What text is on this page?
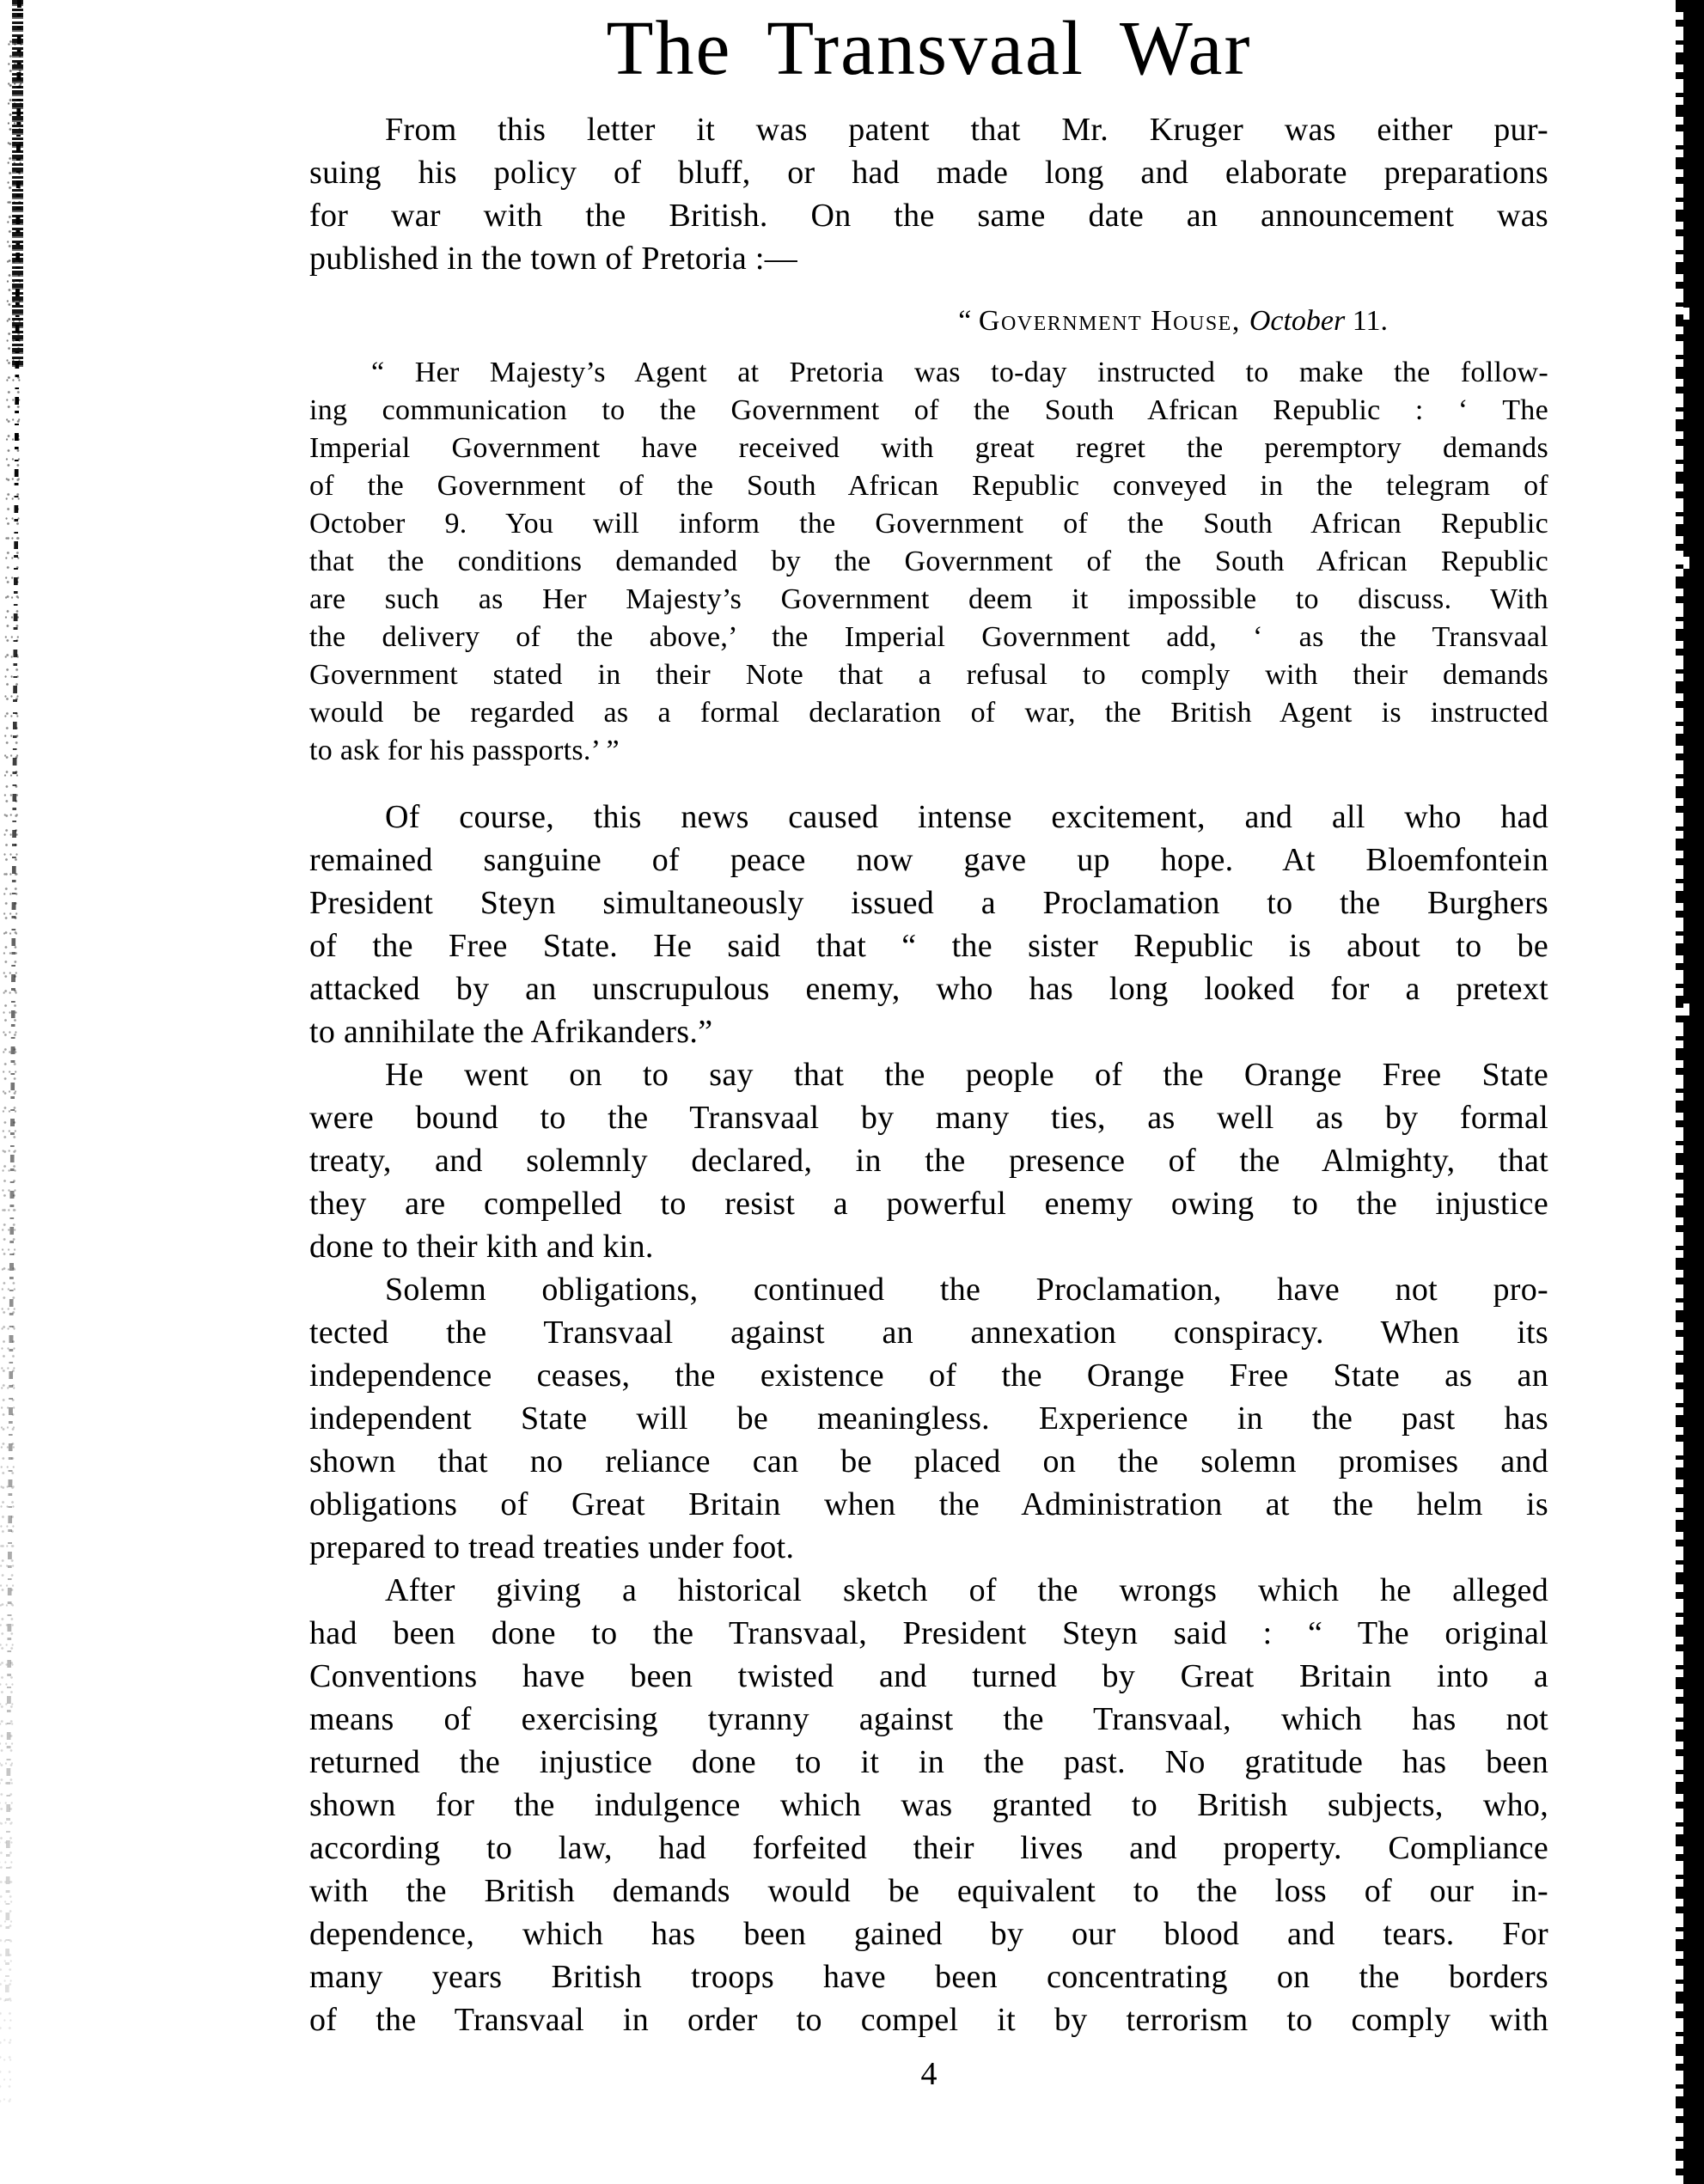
The Transvaal War
From this letter it was patent that Mr. Kruger was either pur-
suing his policy of bluff, or had made long and elaborate preparations
for war with the British. On the same date an announcement was
published in the town of Pretoria :—
“ Government House, October 11.
“ Her Majesty’s Agent at Pretoria was to-day instructed to make the follow-
ing communication to the Government of the South African Republic : ‘ The
Imperial Government have received with great regret the peremptory demands
of the Government of the South African Republic conveyed in the telegram of
October 9. You will inform the Government of the South African Republic
that the conditions demanded by the Government of the South African Republic
are such as Her Majesty’s Government deem it impossible to discuss. With
the delivery of the above,’ the Imperial Government add, ‘ as the Transvaal
Government stated in their Note that a refusal to comply with their demands
would be regarded as a formal declaration of war, the British Agent is instructed
to ask for his passports.’ ”
Of course, this news caused intense excitement, and all who had
remained sanguine of peace now gave up hope. At Bloemfontein
President Steyn simultaneously issued a Proclamation to the Burghers
of the Free State. He said that “ the sister Republic is about to be
attacked by an unscrupulous enemy, who has long looked for a pretext
to annihilate the Afrikanders.”
He went on to say that the people of the Orange Free State
were bound to the Transvaal by many ties, as well as by formal
treaty, and solemnly declared, in the presence of the Almighty, that
they are compelled to resist a powerful enemy owing to the injustice
done to their kith and kin.
Solemn obligations, continued the Proclamation, have not pro-
tected the Transvaal against an annexation conspiracy. When its
independence ceases, the existence of the Orange Free State as an
independent State will be meaningless. Experience in the past has
shown that no reliance can be placed on the solemn promises and
obligations of Great Britain when the Administration at the helm is
prepared to tread treaties under foot.
After giving a historical sketch of the wrongs which he alleged
had been done to the Transvaal, President Steyn said : “ The original
Conventions have been twisted and turned by Great Britain into a
means of exercising tyranny against the Transvaal, which has not
returned the injustice done to it in the past. No gratitude has been
shown for the indulgence which was granted to British subjects, who,
according to law, had forfeited their lives and property. Compliance
with the British demands would be equivalent to the loss of our in-
dependence, which has been gained by our blood and tears. For
many years British troops have been concentrating on the borders
of the Transvaal in order to compel it by terrorism to comply with
4
